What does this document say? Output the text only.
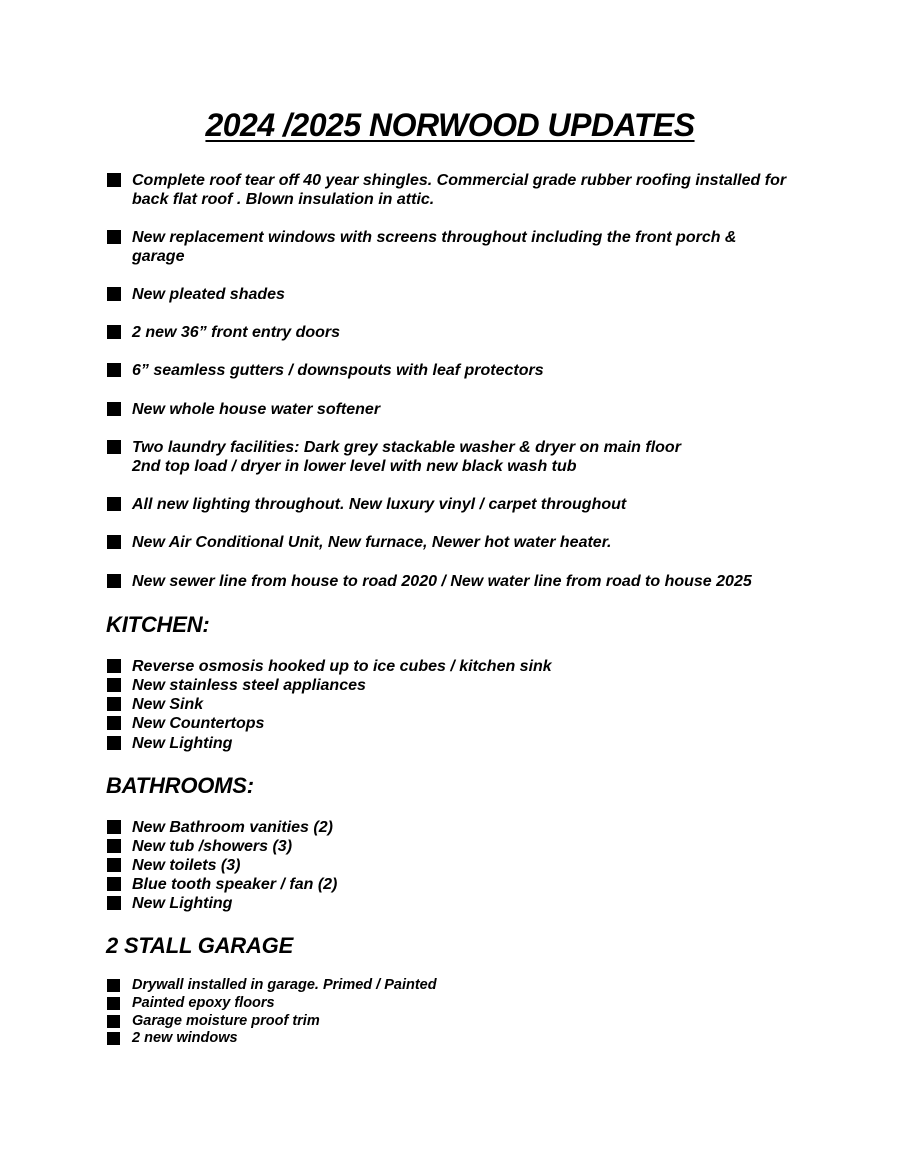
2024 /2025 NORWOOD UPDATES
Complete roof tear off 40 year shingles. Commercial grade rubber roofing installed for
back flat roof . Blown insulation in attic.
New replacement windows with screens throughout including the front porch &
garage
New pleated shades
2 new 36” front entry doors
6” seamless gutters / downspouts with leaf protectors
New whole house water softener
Two laundry facilities: Dark grey stackable washer & dryer on main floor
2nd top load / dryer in lower level with new black wash tub
All new lighting throughout. New luxury vinyl / carpet throughout
New Air Conditional Unit, New furnace, Newer hot water heater.
New sewer line from house to road 2020 / New water line from road to house 2025
KITCHEN:
Reverse osmosis hooked up to ice cubes / kitchen sink
New stainless steel appliances
New Sink
New Countertops
New Lighting
BATHROOMS:
New Bathroom vanities (2)
New tub /showers (3)
New toilets (3)
Blue tooth speaker / fan (2)
New Lighting
2 STALL GARAGE
Drywall installed in garage. Primed / Painted
Painted epoxy floors
Garage moisture proof trim
2 new windows
